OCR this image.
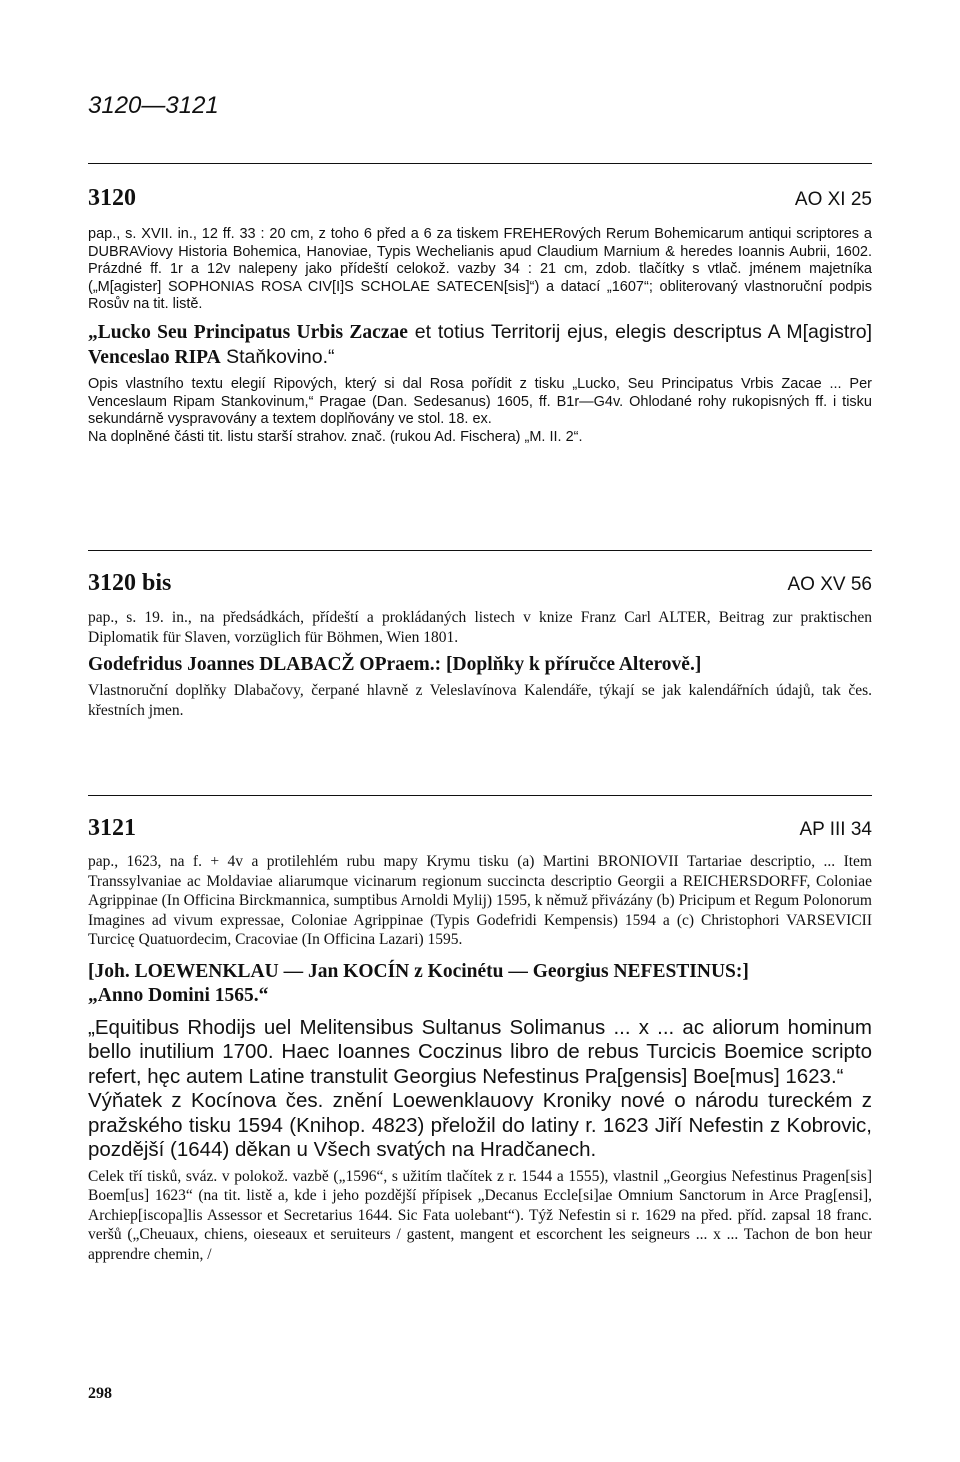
3120—3121
3120	AO XI 25

pap., s. XVII. in., 12 ff. 33 : 20 cm, z toho 6 před a 6 za tiskem FREHERových Rerum Bohemicarum antiqui scriptores a DUBRAViovy Historia Bohemica, Hanoviae, Typis Wechelianis apud Claudium Marnium & heredes Ioannis Aubrii, 1602. Prázdné ff. 1r a 12v nalepeny jako přídeští celokož. vazby 34 : 21 cm, zdob. tlačítky s vtlač. jménem majetníka („M[agister] SOPHONIAS ROSA CIV[I]S SCHOLAE SATECEN[sis]“) a datací „1607“; obliterovaný vlastnoruční podpis Rosův na tit. listě.

„Lucko Seu Principatus Urbis Zaczae et totius Territorij ejus, elegis descriptus A M[agistro] Venceslao RIPA Staňkovino.“

Opis vlastního textu elegií Ripových, který si dal Rosa pořídit z tisku „Lucko, Seu Principatus Vrbis Zacae ... Per Venceslaum Ripam Stankovinum,“ Pragae (Dan. Sedesanus) 1605, ff. B1r—G4v. Ohlodané rohy rukopisných ff. i tisku sekundárně vyspravovány a textem doplňovány ve stol. 18. ex.

Na doplněné části tit. listu starší strahov. znač. (rukou Ad. Fischera) „M. II. 2“.

3120 bis	AO XV 56

pap., s. 19. in., na předsádkách, přídeští a prokládaných listech v knize Franz Carl ALTER, Beitrag zur praktischen Diplomatik für Slaven, vorzüglich für Böhmen, Wien 1801.

Godefridus Joannes DLABACŽ OPraem.: [Doplňky k příručce Alterově.]

Vlastnoruční doplňky Dlabačovy, čerpané hlavně z Veleslavínova Kalendáře, týkají se jak kalendářních údajů, tak čes. křestních jmen.

3121	AP III 34

pap., 1623, na f. + 4v a protilehlém rubu mapy Krymu tisku (a) Martini BRONIOVII Tartariae descriptio, ... Item Transsylvaniae ac Moldaviae aliarumque vicinarum regionum succincta descriptio Georgii a REICHERSDORFF, Coloniae Agrippinae (In Officina Birckmannica, sumptibus Arnoldi Mylij) 1595, k němuž přivázány (b) Pricipum et Regum Polonorum Imagines ad vivum expressae, Coloniae Agrippinae (Typis Godefridi Kempensis) 1594 a (c) Christophori VARSEVICII Turcicę Quatuordecim, Cracoviae (In Officina Lazari) 1595.

[Joh. LOEWENKLAU — Jan KOCÍN z Kocinétu — Georgius NEFESTINUS:]

„Anno Domini 1565.“

„Equitibus Rhodijs uel Melitensibus Sultanus Solimanus ... x ... ac aliorum hominum bello inutilium 1700. Haec Ioannes Coczinus libro de rebus Turcicis Boemice scripto refert, hęc autem Latine transtulit Georgius Nefestinus Pra[gensis] Boe[mus] 1623.“

Výňatek z Kocínova čes. znění Loewenklauovy Kroniky nové o národu tureckém z pražského tisku 1594 (Knihop. 4823) přeložil do latiny r. 1623 Jiří Nefestin z Kobrovic, pozdější (1644) děkan u Všech svatých na Hradčanech.

Celek tří tisků, sváz. v polokož. vazbě („1596“, s užitím tlačítek z r. 1544 a 1555), vlastnil „Georgius Nefestinus Pragen[sis] Boem[us] 1623“ (na tit. listě a, kde i jeho pozdější přípisek „Decanus Eccle[si]ae Omnium Sanctorum in Arce Prag[ensi], Archiep[iscopa]lis Assessor et Secretarius 1644. Sic Fata uolebant“). Týž Nefestin si r. 1629 na před. příd. zapsal 18 franc. veršů („Cheuaux, chiens, oieseaux et seruiteurs / gastent, mangent et escorchent les seigneurs ... x ... Tachon de bon heur apprendre chemin, /

298
